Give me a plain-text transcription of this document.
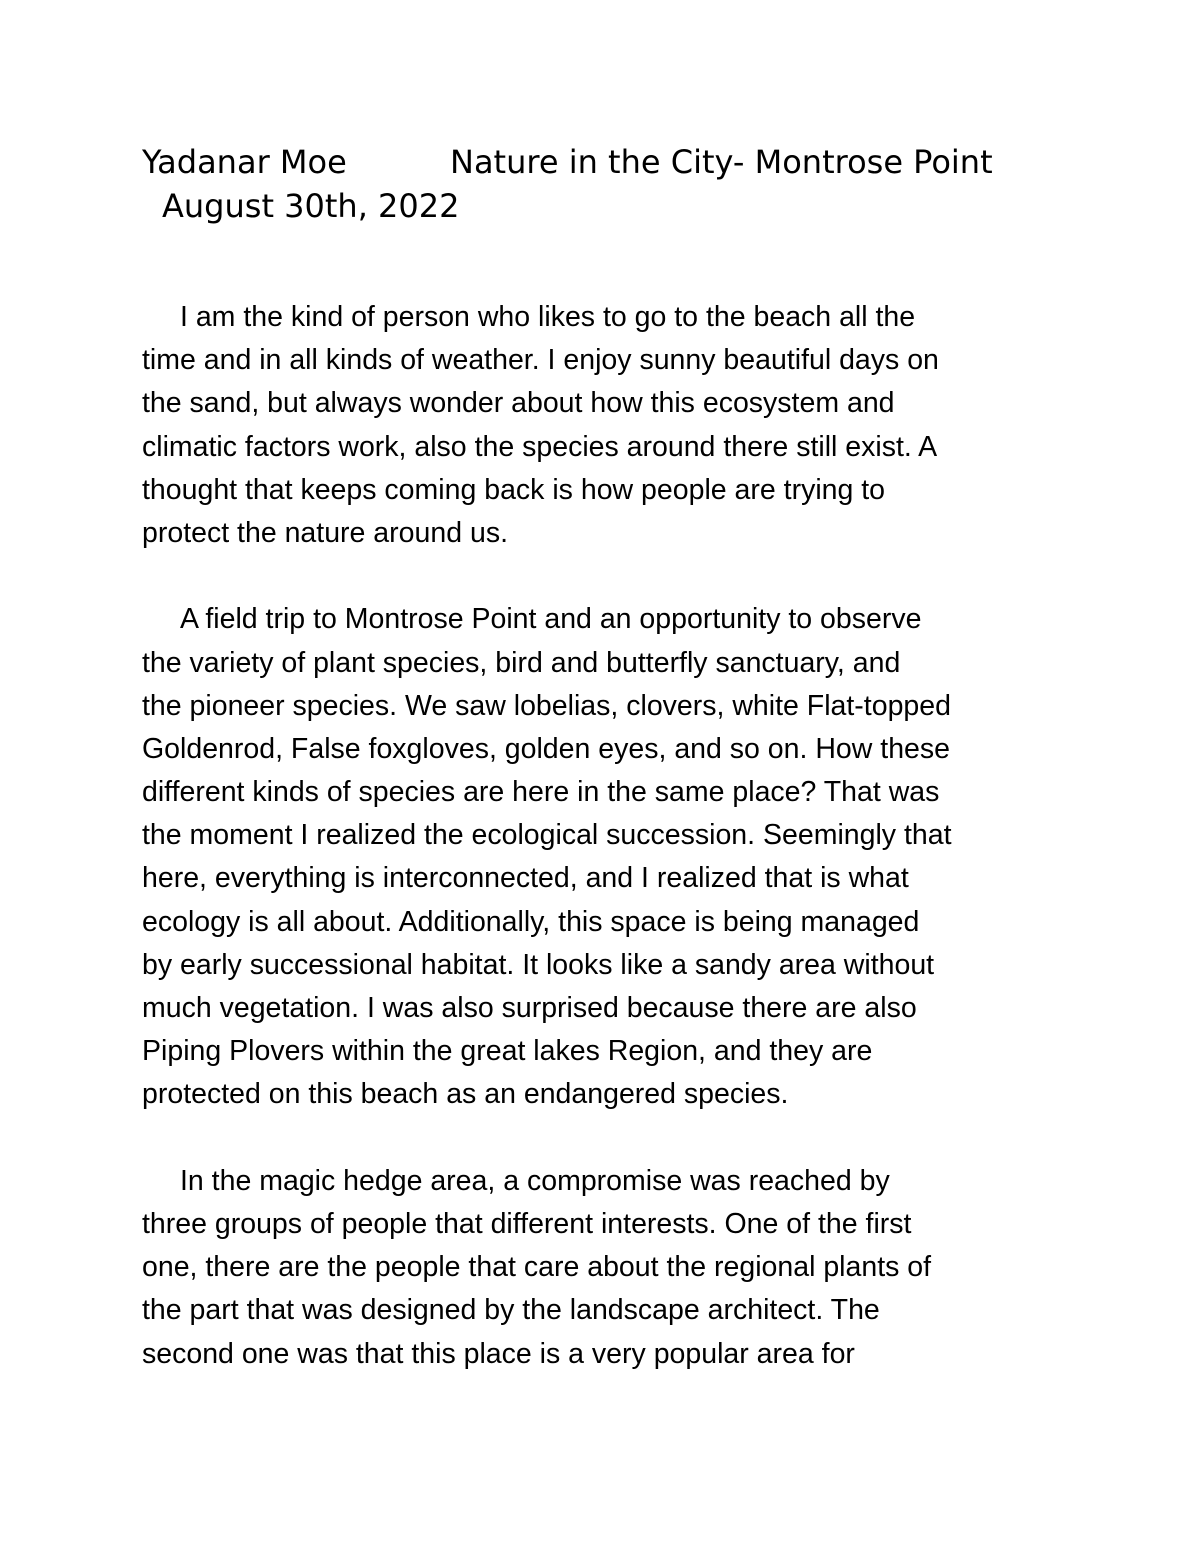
Yadanar Moe	Nature in the City- Montrose Point
August 30th, 2022
I am the kind of person who likes to go to the beach all the
time and in all kinds of weather. I enjoy sunny beautiful days on
the sand, but always wonder about how this ecosystem and
climatic factors work, also the species around there still exist. A
thought that keeps coming back is how people are trying to
protect the nature around us.
A field trip to Montrose Point and an opportunity to observe
the variety of plant species, bird and butterfly sanctuary, and
the pioneer species. We saw lobelias, clovers, white Flat-topped
Goldenrod, False foxgloves, golden eyes, and so on. How these
different kinds of species are here in the same place? That was
the moment I realized the ecological succession. Seemingly that
here, everything is interconnected, and I realized that is what
ecology is all about. Additionally, this space is being managed
by early successional habitat. It looks like a sandy area without
much vegetation. I was also surprised because there are also
Piping Plovers within the great lakes Region, and they are
protected on this beach as an endangered species.
In the magic hedge area, a compromise was reached by
three groups of people that different interests. One of the first
one, there are the people that care about the regional plants of
the part that was designed by the landscape architect. The
second one was that this place is a very popular area for
